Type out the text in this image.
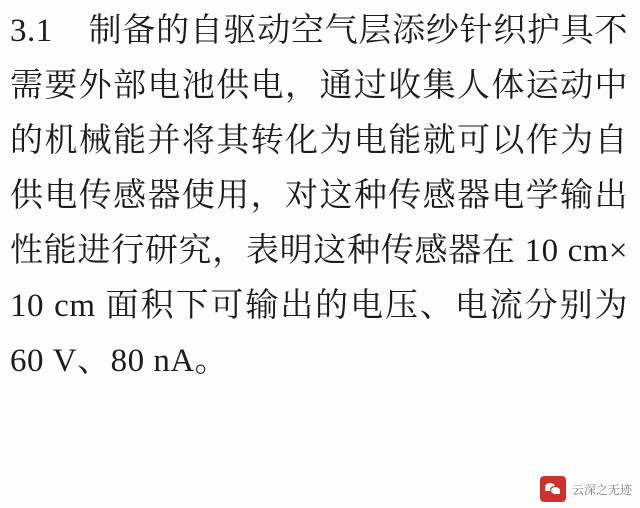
3.1    制备的自驱动空气层添纱针织护具不需要外部电池供电，通过收集人体运动中的机械能并将其转化为电能就可以作为自供电传感器使用，对这种传感器电学输出性能进行研究，表明这种传感器在 10 cm×10 cm 面积下可输出的电压、电流分别为 60 V、80 nA。
云深之无迹
